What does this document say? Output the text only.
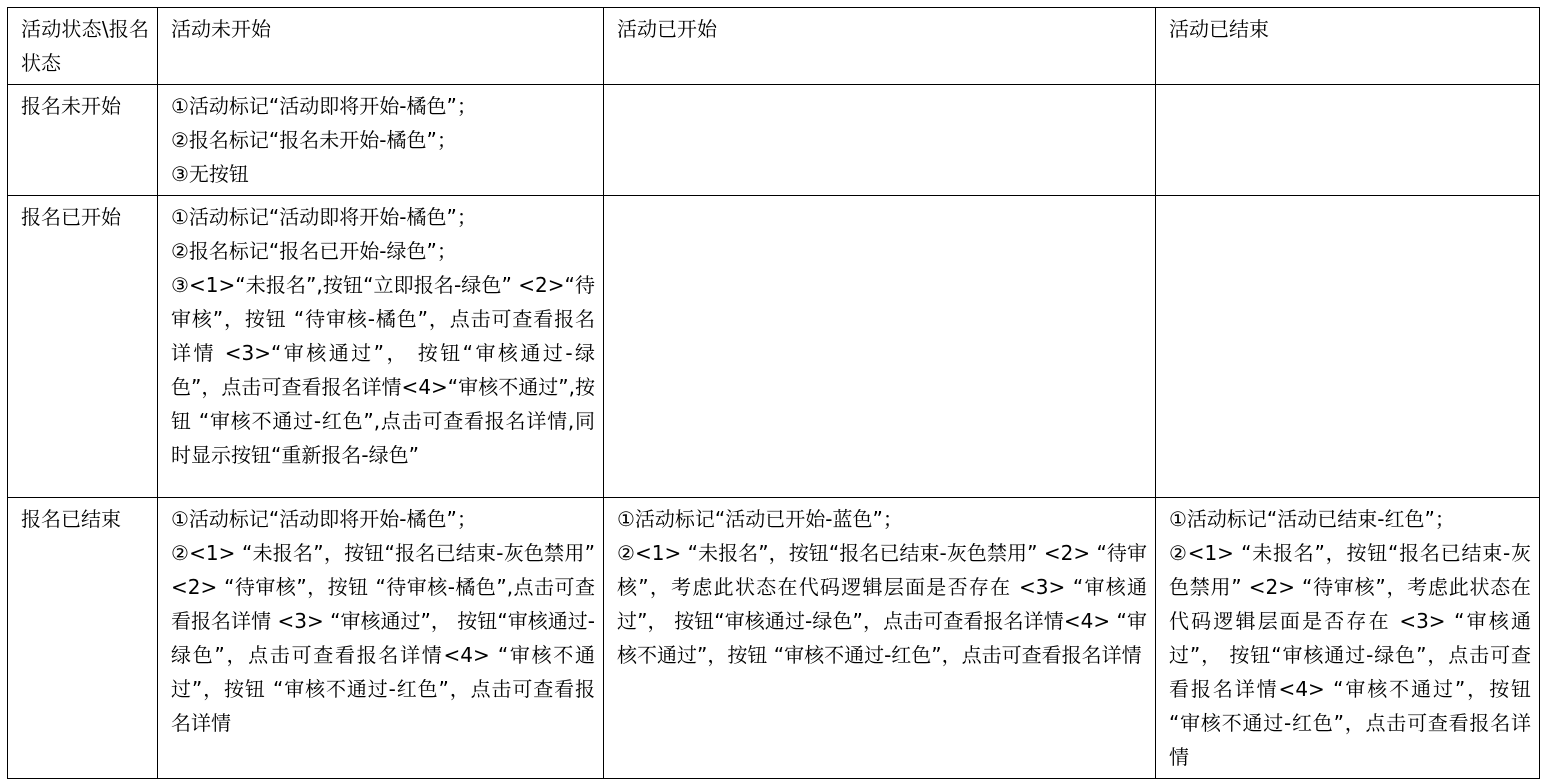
活动状态\报名状态	活动未开始	活动已开始	活动已结束
报名未开始	①活动标记“活动即将开始-橘色”；
②报名标记“报名未开始-橘色”；
③无按钮		

报名已开始	①活动标记“活动即将开始-橘色”；
②报名标记“报名已开始-绿色”；
③<1>“未报名”,按钮“立即报名-绿色” <2>“待审核”，按钮 “待审核-橘色”，点击可查看报名详情 <3>“审核通过”， 按钮“审核通过-绿色”，点击可查看报名详情<4>“审核不通过”,按钮 “审核不通过-红色”,点击可查看报名详情,同时显示按钮“重新报名-绿色”		

报名已结束	①活动标记“活动即将开始-橘色”；
②<1> “未报名”，按钮“报名已结束-灰色禁用” <2> “待审核”，按钮 “待审核-橘色”,点击可查看报名详情 <3> “审核通过”， 按钮“审核通过-绿色”，点击可查看报名详情<4> “审核不通过”，按钮 “审核不通过-红色”，点击可查看报名详情	①活动标记“活动已开始-蓝色”；
②<1> “未报名”，按钮“报名已结束-灰色禁用” <2> “待审核”，考虑此状态在代码逻辑层面是否存在 <3> “审核通过”， 按钮“审核通过-绿色”，点击可查看报名详情<4> “审核不通过”，按钮 “审核不通过-红色”，点击可查看报名详情	①活动标记“活动已结束-红色”；
②<1> “未报名”，按钮“报名已结束-灰色禁用” <2> “待审核”，考虑此状态在代码逻辑层面是否存在 <3> “审核通过”， 按钮“审核通过-绿色”，点击可查看报名详情<4> “审核不通过”，按钮 “审核不通过-红色”，点击可查看报名详情
